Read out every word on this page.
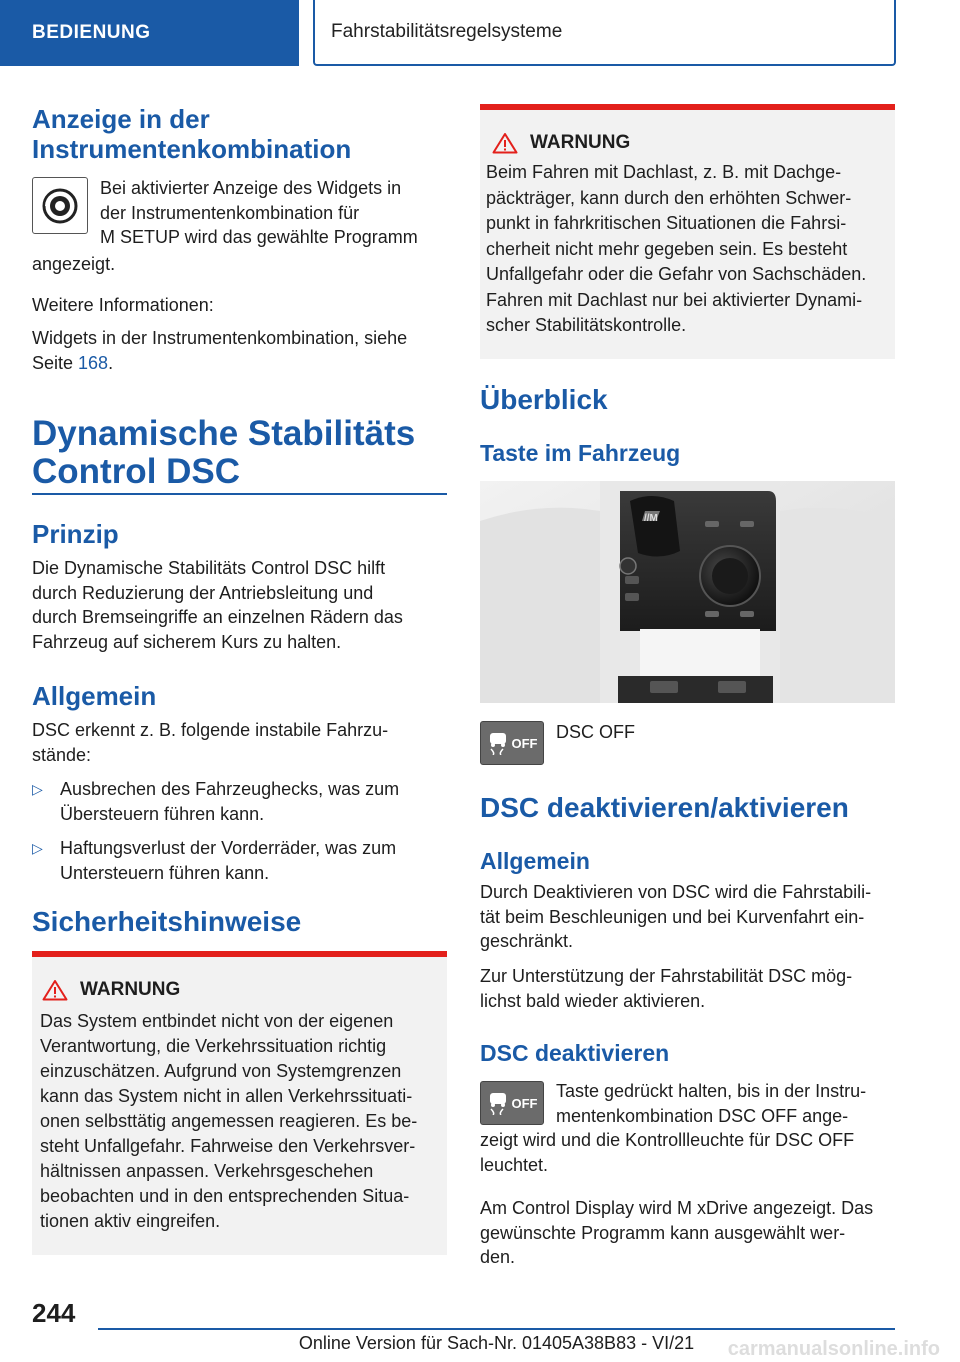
BEDIENUNG	Fahrstabilitätsregelsysteme
Anzeige in der
Instrumentenkombination
Bei aktivierter Anzeige des Widgets in
der Instrumentenkombination für
M SETUP wird das gewählte Programm
angezeigt.
Weitere Informationen:
Widgets in der Instrumentenkombination, siehe
Seite 168.
Dynamische Stabilitäts
Control DSC
Prinzip
Die Dynamische Stabilitäts Control DSC hilft
durch Reduzierung der Antriebsleitung und
durch Bremseingriffe an einzelnen Rädern das
Fahrzeug auf sicherem Kurs zu halten.
Allgemein
DSC erkennt z. B. folgende instabile Fahrzu-
stände:
▷ Ausbrechen des Fahrzeughecks, was zum
Übersteuern führen kann.
▷ Haftungsverlust der Vorderräder, was zum
Untersteuern führen kann.
Sicherheitshinweise
WARNUNG
Das System entbindet nicht von der eigenen
Verantwortung, die Verkehrssituation richtig
einzuschätzen. Aufgrund von Systemgrenzen
kann das System nicht in allen Verkehrssituati-
onen selbsttätig angemessen reagieren. Es be-
steht Unfallgefahr. Fahrweise den Verkehrsver-
hältnissen anpassen. Verkehrsgeschehen
beobachten und in den entsprechenden Situa-
tionen aktiv eingreifen.
WARNUNG
Beim Fahren mit Dachlast, z. B. mit Dachge-
päckträger, kann durch den erhöhten Schwer-
punkt in fahrkritischen Situationen die Fahrsi-
cherheit nicht mehr gegeben sein. Es besteht
Unfallgefahr oder die Gefahr von Sachschäden.
Fahren mit Dachlast nur bei aktivierter Dynami-
scher Stabilitätskontrolle.
Überblick
Taste im Fahrzeug
//M
OFF
DSC OFF
DSC deaktivieren/aktivieren
Allgemein
Durch Deaktivieren von DSC wird die Fahrstabili-
tät beim Beschleunigen und bei Kurvenfahrt ein-
geschränkt.
Zur Unterstützung der Fahrstabilität DSC mög-
lichst bald wieder aktivieren.
DSC deaktivieren
OFF
Taste gedrückt halten, bis in der Instru-
mentenkombination DSC OFF ange-
zeigt wird und die Kontrollleuchte für DSC OFF
leuchtet.
Am Control Display wird M xDrive angezeigt. Das
gewünschte Programm kann ausgewählt wer-
den.
244
Online Version für Sach-Nr. 01405A38B83 - VI/21	carmanualsonline.info
